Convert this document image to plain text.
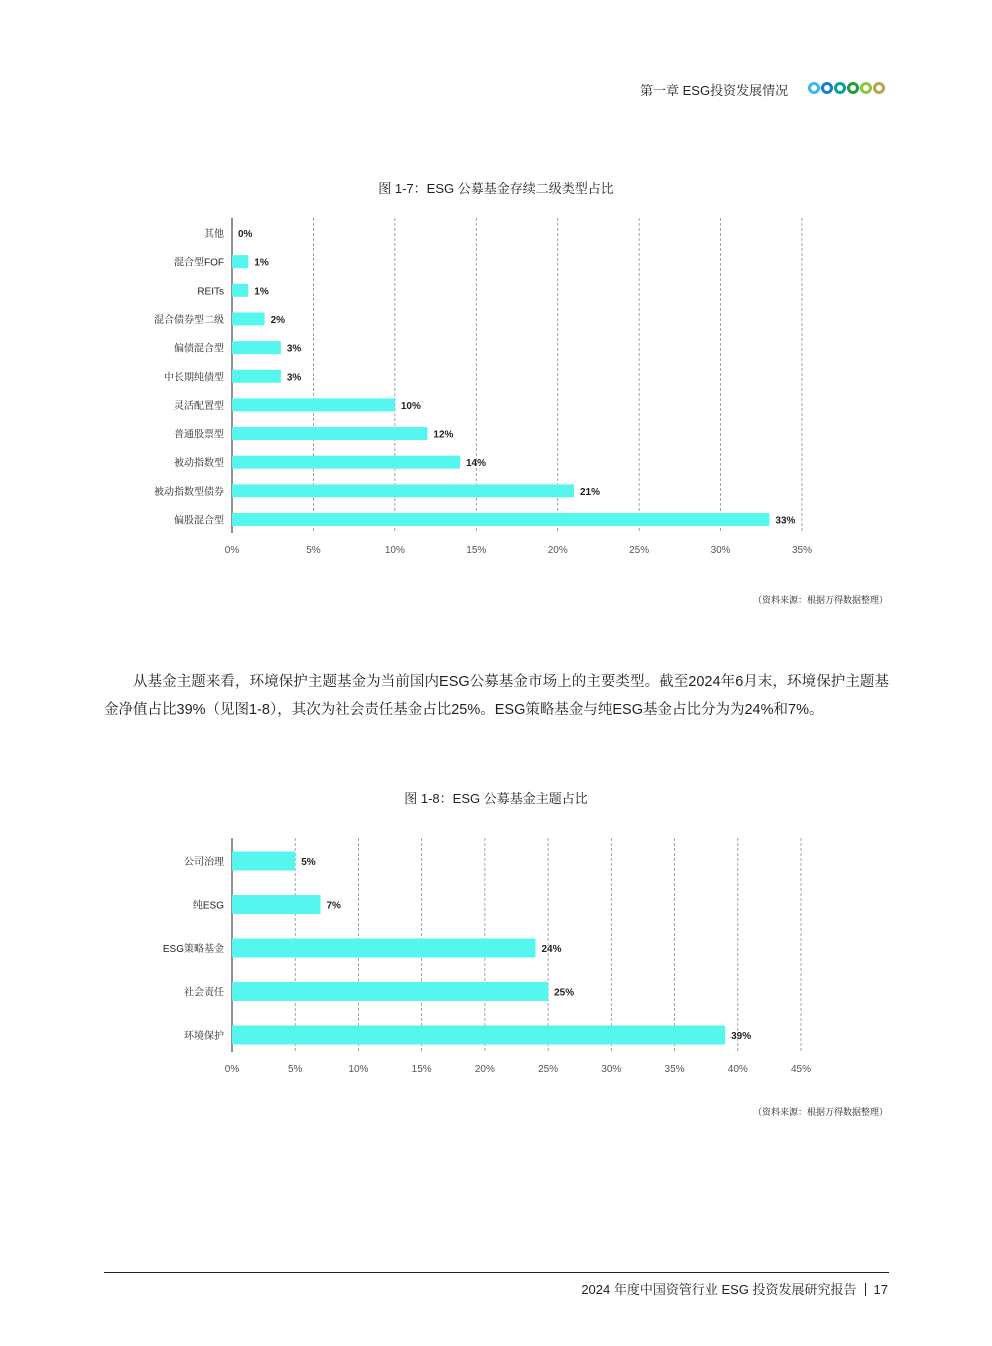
第一章 ESG投资发展情况
图 1-7：ESG 公募基金存续二级类型占比
0%	5%	10%	15%	20%	25%	30%	35%
其他 0%
混合型FOF	1%
REITs	1%
混合债券型二级	2%
偏债混合型	3%
中长期纯债型	3%
灵活配置型	10%
普通股票型	12%
被动指数型	14%
被动指数型债券	21%
偏股混合型	33%
（资料来源：根据万得数据整理）
从基金主题来看，环境保护主题基金为当前国内ESG公募基金市场上的主要类型。截至2024年6月末，环境保护主题基金净值占比39%（见图1-8），其次为社会责任基金占比25%。ESG策略基金与纯ESG基金占比分为为24%和7%。
图 1-8：ESG 公募基金主题占比
0%	5%	10%	15%	20%	25%	30%	35%	40%	45%
公司治理	5%
纯ESG	7%
ESG策略基金	24%
社会责任	25%
环境保护	39%
（资料来源：根据万得数据整理）
2024 年度中国资管行业 ESG 投资发展研究报告 17
